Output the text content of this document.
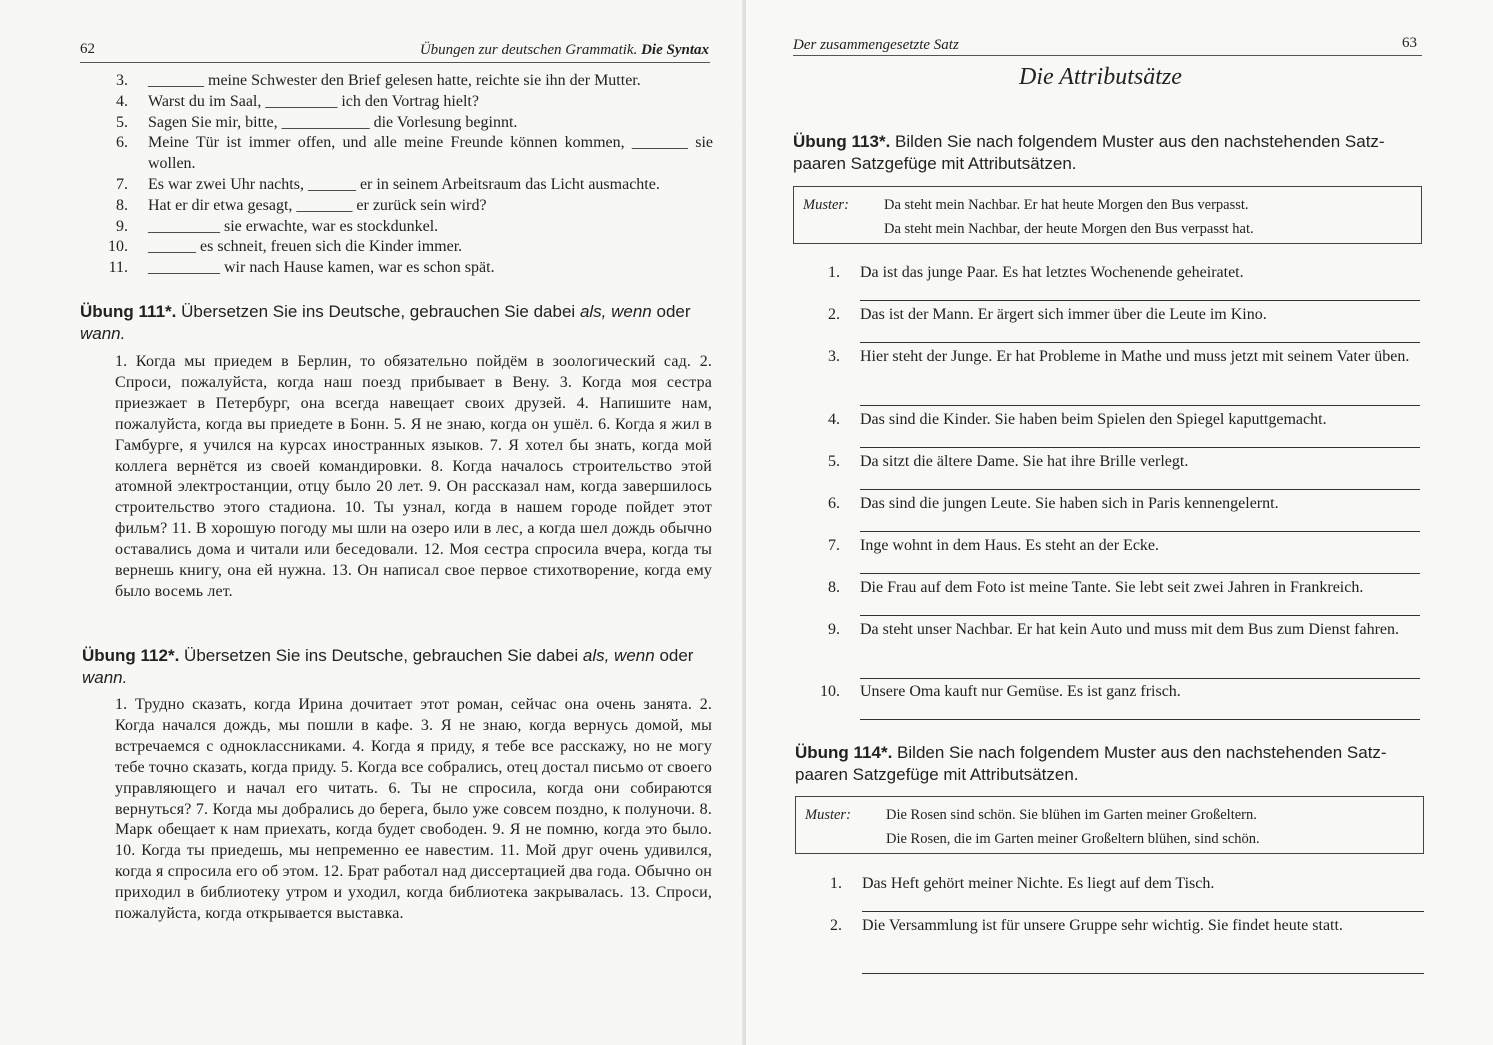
62	Übungen zur deutschen Grammatik. Die Syntax
3. _______ meine Schwester den Brief gelesen hatte, reichte sie ihn der Mutter.
4. Warst du im Saal, _________ ich den Vortrag hielt?
5. Sagen Sie mir, bitte, ___________ die Vorlesung beginnt.
6. Meine Tür ist immer offen, und alle meine Freunde können kommen, _______ sie wollen.
7. Es war zwei Uhr nachts, ______ er in seinem Arbeitsraum das Licht ausmachte.
8. Hat er dir etwa gesagt, _______ er zurück sein wird?
9. _________ sie erwachte, war es stockdunkel.
10. ______ es schneit, freuen sich die Kinder immer.
11. _________ wir nach Hause kamen, war es schon spät.
Übung 111*. Übersetzen Sie ins Deutsche, gebrauchen Sie dabei als, wenn oder wann.
1. Когда мы приедем в Берлин, то обязательно пойдём в зоологический сад. 2. Спроси, пожалуйста, когда наш поезд прибывает в Вену. 3. Когда моя сестра приезжает в Петербург, она всегда навещает своих друзей. 4. Напишите нам, пожалуйста, когда вы приедете в Бонн. 5. Я не знаю, когда он ушёл. 6. Когда я жил в Гамбурге, я учился на курсах иностранных языков. 7. Я хотел бы знать, когда мой коллега вернётся из своей командировки. 8. Когда началось строительство этой атомной электростанции, отцу было 20 лет. 9. Он рассказал нам, когда завершилось строительство этого стадиона. 10. Ты узнал, когда в нашем городе пойдет этот фильм? 11. В хорошую погоду мы шли на озеро или в лес, а когда шел дождь обычно оставались дома и читали или беседовали. 12. Моя сестра спросила вчера, когда ты вернешь книгу, она ей нужна. 13. Он написал свое первое стихотворение, когда ему было восемь лет.
Übung 112*. Übersetzen Sie ins Deutsche, gebrauchen Sie dabei als, wenn oder wann.
1. Трудно сказать, когда Ирина дочитает этот роман, сейчас она очень занята. 2. Когда начался дождь, мы пошли в кафе. 3. Я не знаю, когда вернусь домой, мы встречаемся с одноклассниками. 4. Когда я приду, я тебе все расскажу, но не могу тебе точно сказать, когда приду. 5. Когда все собрались, отец достал письмо от своего управляющего и начал его читать. 6. Ты не спросила, когда они собираются вернуться? 7. Когда мы добрались до берега, было уже совсем поздно, к полуночи. 8. Марк обещает к нам приехать, когда будет свободен. 9. Я не помню, когда это было. 10. Когда ты приедешь, мы непременно ее навестим. 11. Мой друг очень удивился, когда я спросила его об этом. 12. Брат работал над диссертацией два года. Обычно он приходил в библиотеку утром и уходил, когда библиотека закрывалась. 13. Спроси, пожалуйста, когда открывается выставка.
Der zusammengesetzte Satz	63
Die Attributsätze
Übung 113*. Bilden Sie nach folgendem Muster aus den nachstehenden Satz-
paaren Satzgefüge mit Attributsätzen.
Muster: Da steht mein Nachbar. Er hat heute Morgen den Bus verpasst.
Da steht mein Nachbar, der heute Morgen den Bus verpasst hat.
1. Da ist das junge Paar. Es hat letztes Wochenende geheiratet.
2. Das ist der Mann. Er ärgert sich immer über die Leute im Kino.
3. Hier steht der Junge. Er hat Probleme in Mathe und muss jetzt mit seinem Vater üben.
4. Das sind die Kinder. Sie haben beim Spielen den Spiegel kaputtgemacht.
5. Da sitzt die ältere Dame. Sie hat ihre Brille verlegt.
6. Das sind die jungen Leute. Sie haben sich in Paris kennengelernt.
7. Inge wohnt in dem Haus. Es steht an der Ecke.
8. Die Frau auf dem Foto ist meine Tante. Sie lebt seit zwei Jahren in Frankreich.
9. Da steht unser Nachbar. Er hat kein Auto und muss mit dem Bus zum Dienst fahren.
10. Unsere Oma kauft nur Gemüse. Es ist ganz frisch.
Übung 114*. Bilden Sie nach folgendem Muster aus den nachstehenden Satz-
paaren Satzgefüge mit Attributsätzen.
Muster: Die Rosen sind schön. Sie blühen im Garten meiner Großeltern.
Die Rosen, die im Garten meiner Großeltern blühen, sind schön.
1. Das Heft gehört meiner Nichte. Es liegt auf dem Tisch.
2. Die Versammlung ist für unsere Gruppe sehr wichtig. Sie findet heute statt.
